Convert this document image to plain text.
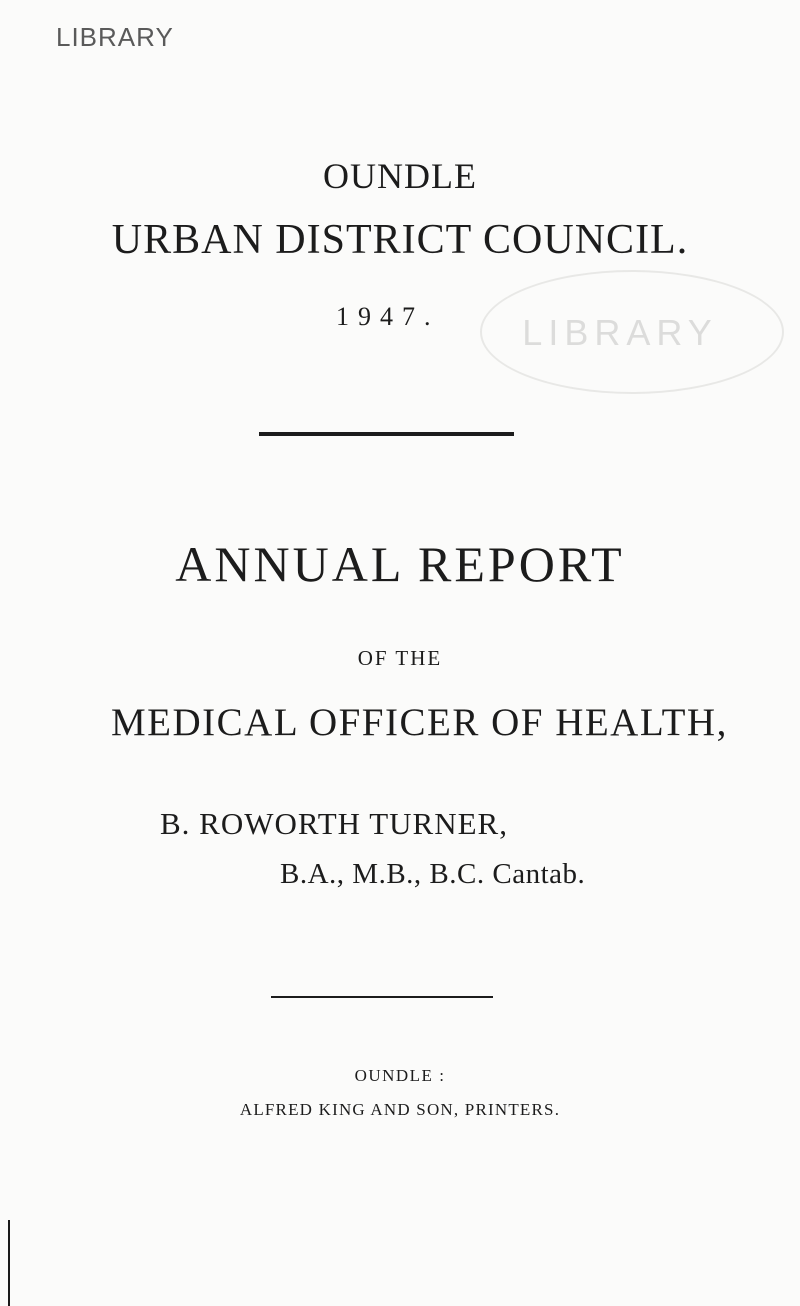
LIBRARY
LIBRARY
OUNDLE
URBAN DISTRICT COUNCIL.
1947.
ANNUAL REPORT
OF THE
MEDICAL OFFICER OF HEALTH,
B. ROWORTH TURNER,
B.A., M.B., B.C. Cantab.
OUNDLE :
ALFRED KING AND SON, PRINTERS.
